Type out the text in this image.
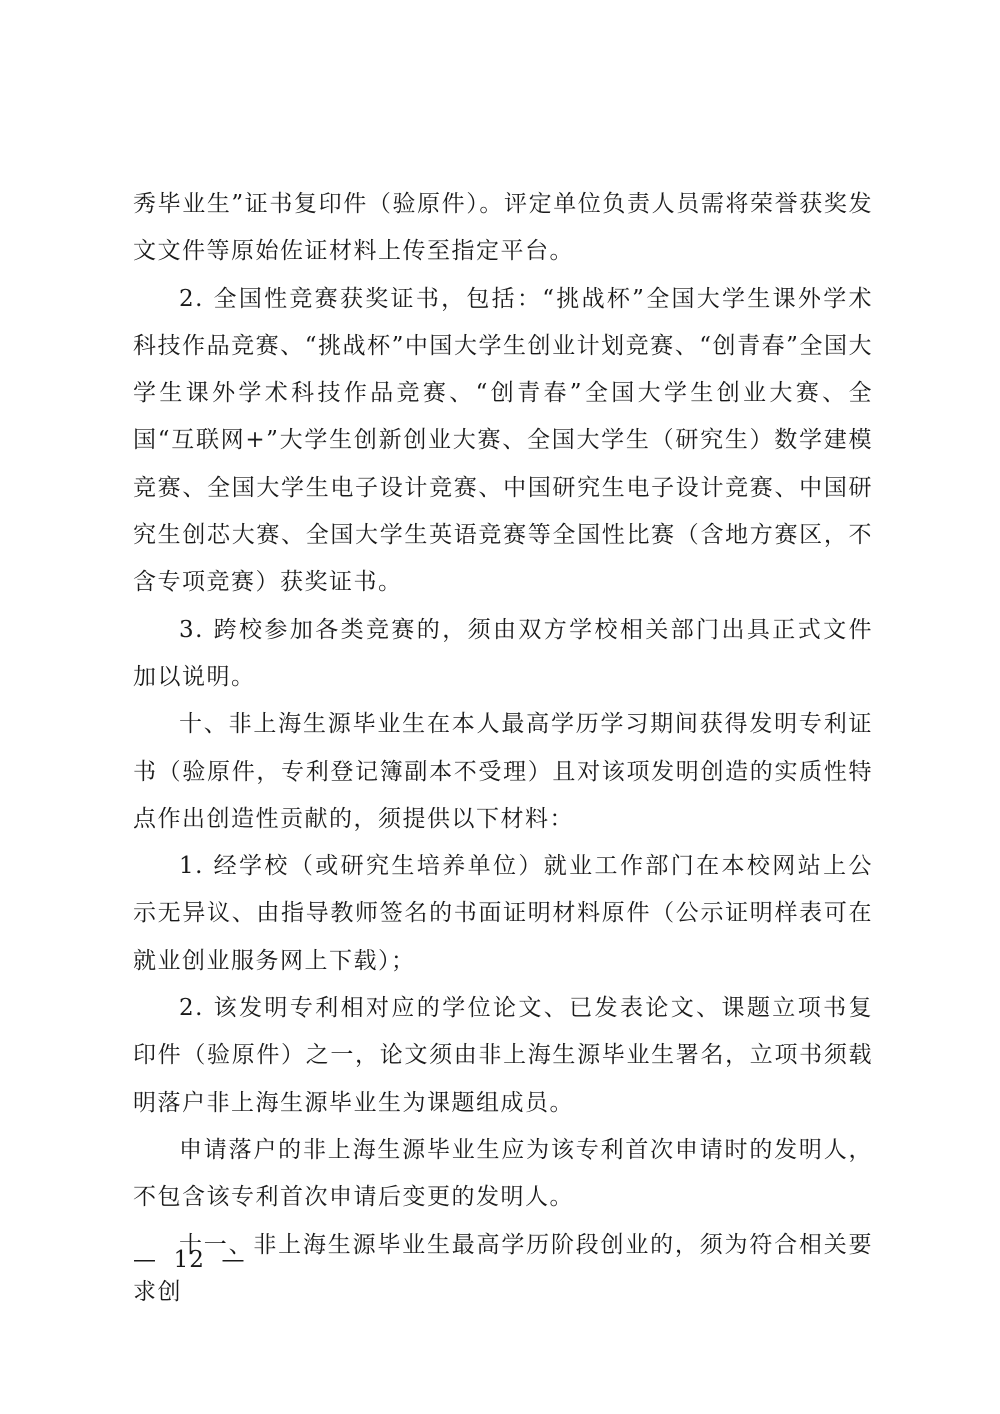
秀毕业生”证书复印件（验原件）。评定单位负责人员需将荣誉获奖发文文件等原始佐证材料上传至指定平台。

2. 全国性竞赛获奖证书，包括：“挑战杯”全国大学生课外学术科技作品竞赛、“挑战杯”中国大学生创业计划竞赛、“创青春”全国大学生课外学术科技作品竞赛、“创青春”全国大学生创业大赛、全国“互联网+”大学生创新创业大赛、全国大学生（研究生）数学建模竞赛、全国大学生电子设计竞赛、中国研究生电子设计竞赛、中国研究生创芯大赛、全国大学生英语竞赛等全国性比赛（含地方赛区，不含专项竞赛）获奖证书。

3. 跨校参加各类竞赛的，须由双方学校相关部门出具正式文件加以说明。

十、非上海生源毕业生在本人最高学历学习期间获得发明专利证书（验原件，专利登记簿副本不受理）且对该项发明创造的实质性特点作出创造性贡献的，须提供以下材料：

1. 经学校（或研究生培养单位）就业工作部门在本校网站上公示无异议、由指导教师签名的书面证明材料原件（公示证明样表可在就业创业服务网上下载）；

2. 该发明专利相对应的学位论文、已发表论文、课题立项书复印件（验原件）之一，论文须由非上海生源毕业生署名，立项书须载明落户非上海生源毕业生为课题组成员。

申请落户的非上海生源毕业生应为该专利首次申请时的发明人，不包含该专利首次申请后变更的发明人。

十一、非上海生源毕业生最高学历阶段创业的，须为符合相关要求创

—  12  —
